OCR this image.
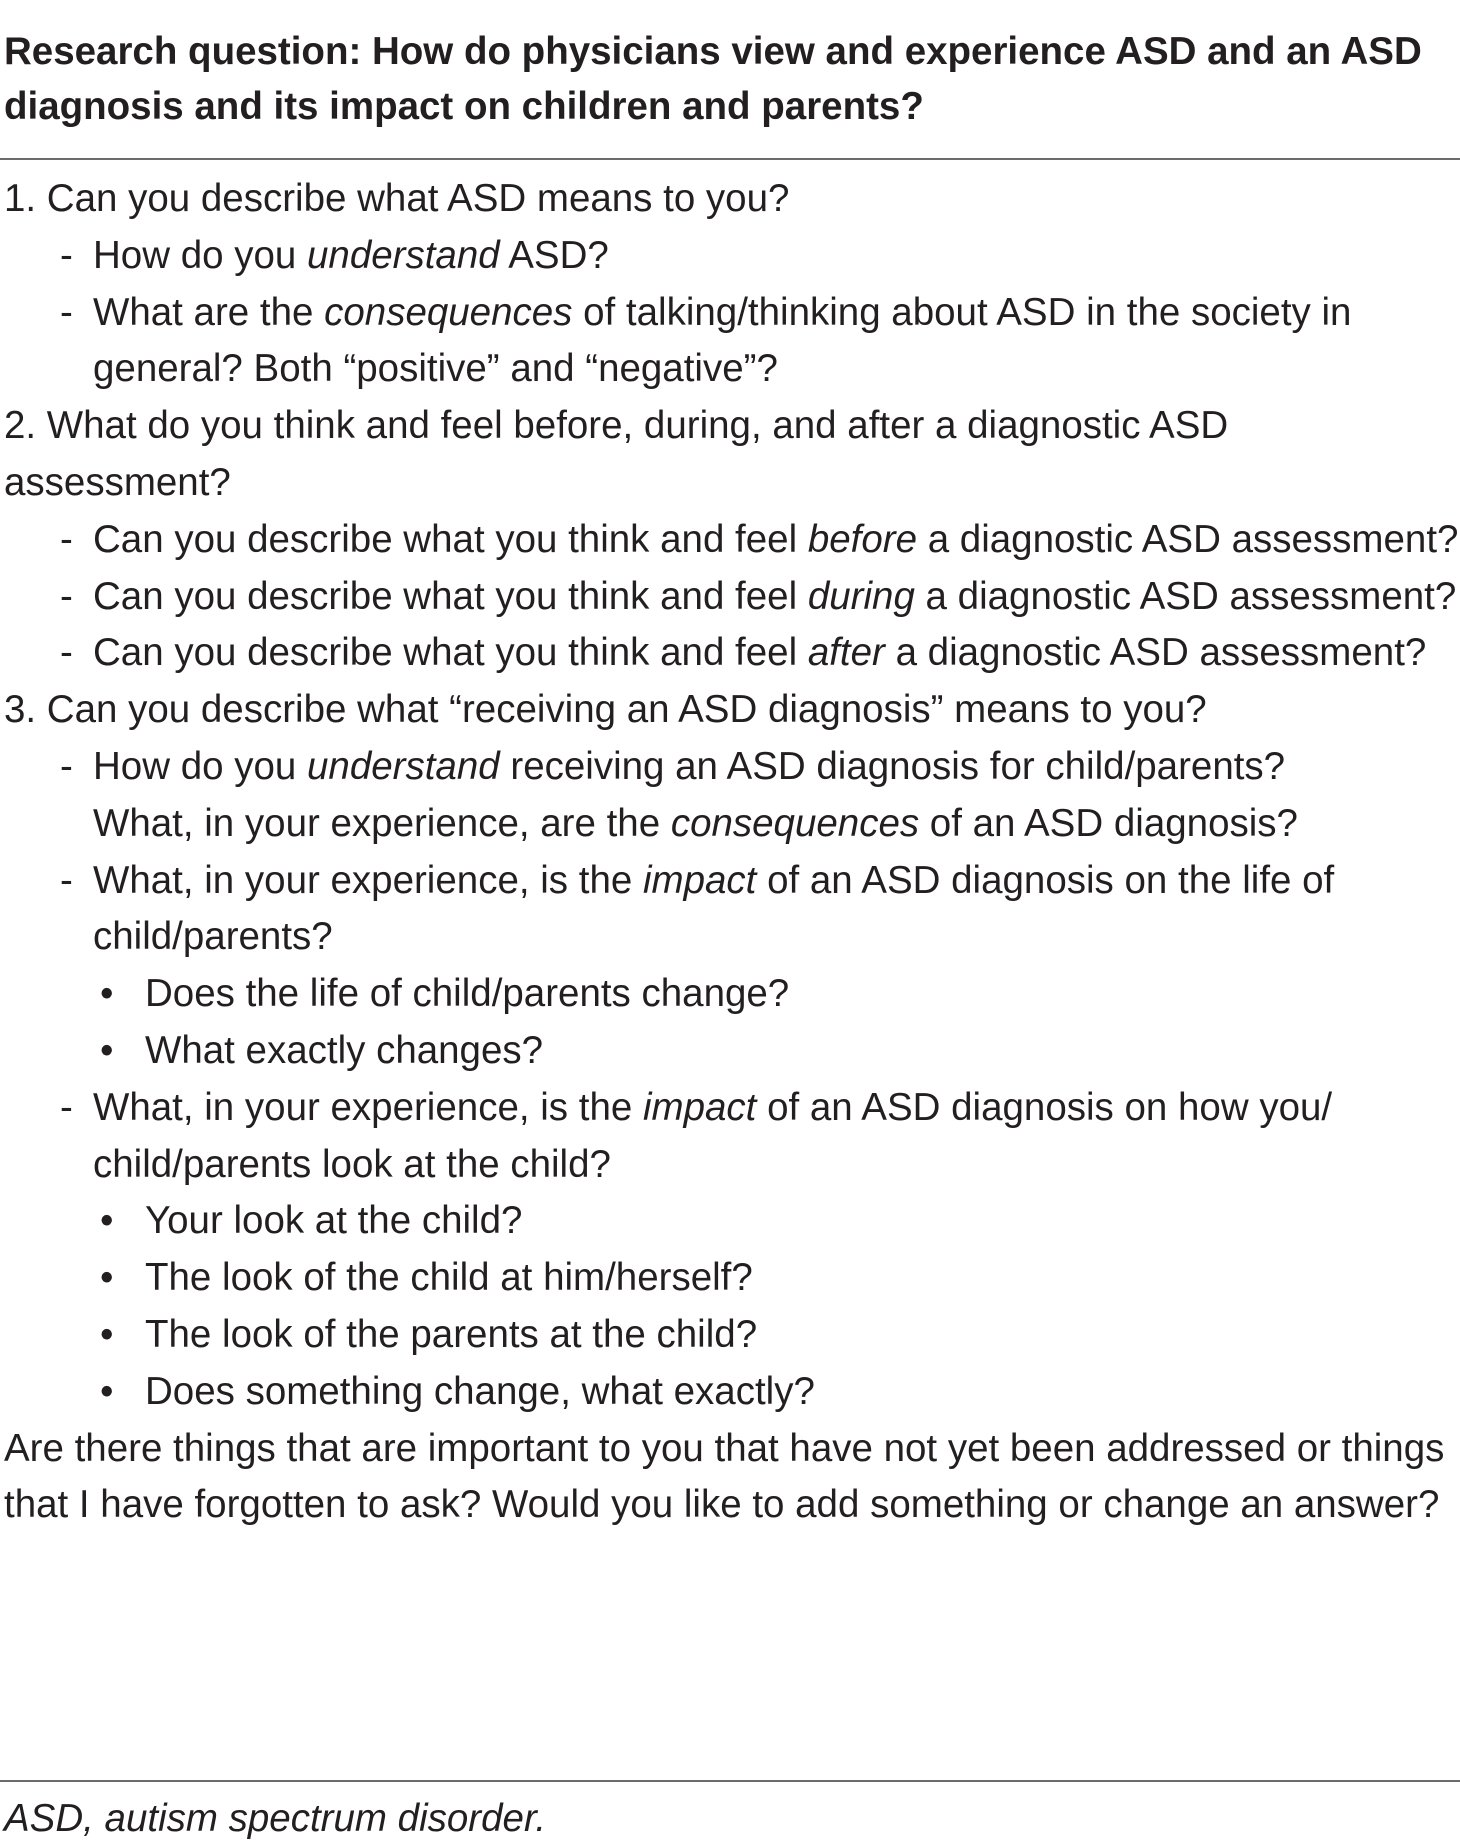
Research question: How do physicians view and experience ASD and an ASD diagnosis and its impact on children and parents?
1. Can you describe what ASD means to you?
- How do you understand ASD?
- What are the consequences of talking/thinking about ASD in the society in general? Both “positive” and “negative”?
2. What do you think and feel before, during, and after a diagnostic ASD assessment?
- Can you describe what you think and feel before a diagnostic ASD assessment?
- Can you describe what you think and feel during a diagnostic ASD assessment?
- Can you describe what you think and feel after a diagnostic ASD assessment?
3. Can you describe what “receiving an ASD diagnosis” means to you?
- How do you understand receiving an ASD diagnosis for child/parents?
What, in your experience, are the consequences of an ASD diagnosis?
- What, in your experience, is the impact of an ASD diagnosis on the life of child/parents?
• Does the life of child/parents change?
• What exactly changes?
- What, in your experience, is the impact of an ASD diagnosis on how you/ child/parents look at the child?
• Your look at the child?
• The look of the child at him/herself?
• The look of the parents at the child?
• Does something change, what exactly?
Are there things that are important to you that have not yet been addressed or things that I have forgotten to ask? Would you like to add something or change an answer?
ASD, autism spectrum disorder.
